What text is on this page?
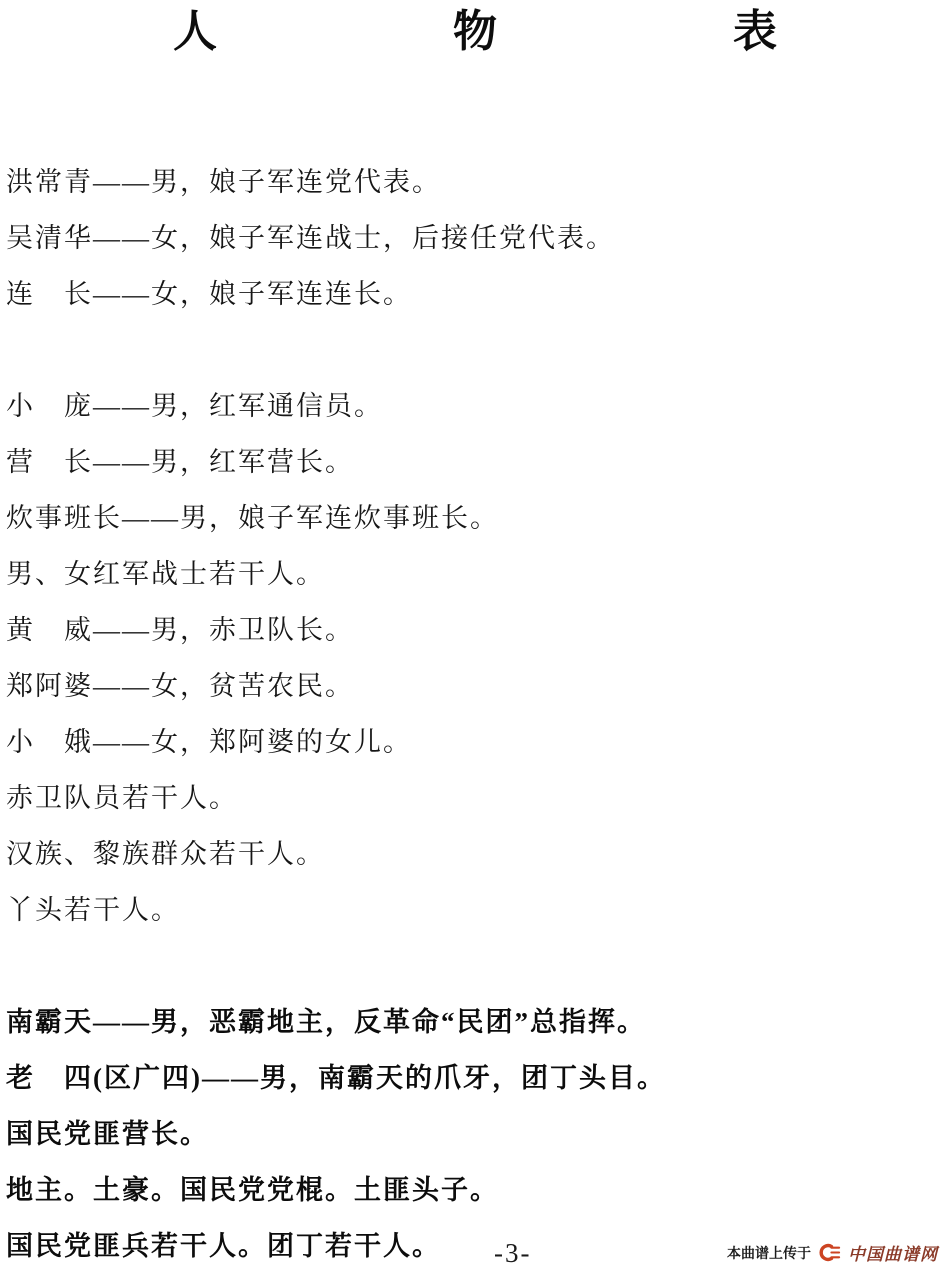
人　物　表
洪常青——男，娘子军连党代表。
吴清华——女，娘子军连战士，后接任党代表。
连　长——女，娘子军连连长。
小　庞——男，红军通信员。
营　长——男，红军营长。
炊事班长——男，娘子军连炊事班长。
男、女红军战士若干人。
黄　威——男，赤卫队长。
郑阿婆——女，贫苦农民。
小　娥——女，郑阿婆的女儿。
赤卫队员若干人。
汉族、黎族群众若干人。
丫头若干人。
南霸天——男，恶霸地主，反革命“民团”总指挥。
老　四(区广四)——男，南霸天的爪牙，团丁头目。
国民党匪营长。
地主。土豪。国民党党棍。土匪头子。
国民党匪兵若干人。团丁若干人。	-3-	本曲谱上传于 中国曲谱网
